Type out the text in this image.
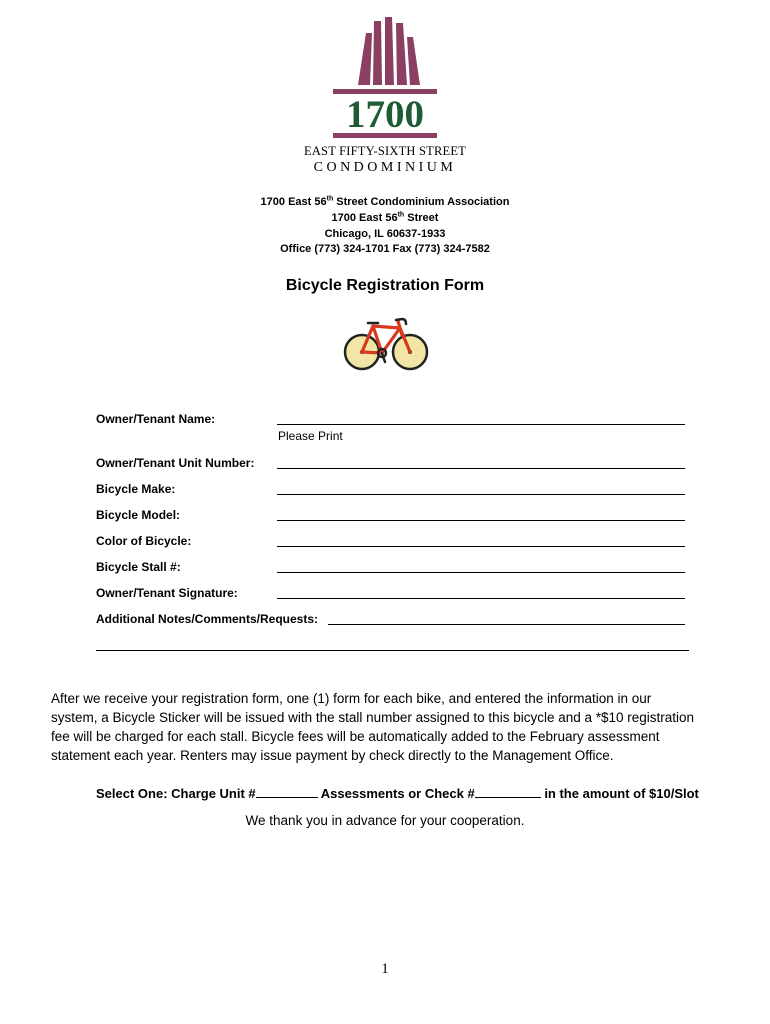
1700
EAST FIFTY-SIXTH STREET
CONDOMINIUM
1700 East 56th Street Condominium Association
1700 East 56th Street
Chicago, IL 60637-1933
Office (773) 324-1701 Fax (773) 324-7582
Bicycle Registration Form
Owner/Tenant Name:
Please Print
Owner/Tenant Unit Number:
Bicycle Make:
Bicycle Model:
Color of Bicycle:
Bicycle Stall #:
Owner/Tenant Signature:
Additional Notes/Comments/Requests:
After we receive your registration form, one (1) form for each bike, and entered the information in our
system, a Bicycle Sticker will be issued with the stall number assigned to this bicycle and a *$10 registration
fee will be charged for each stall. Bicycle fees will be automatically added to the February assessment
statement each year. Renters may issue payment by check directly to the Management Office.
Select One: Charge Unit #	Assessments or Check #	in the amount of $10/Slot
We thank you in advance for your cooperation.
1
